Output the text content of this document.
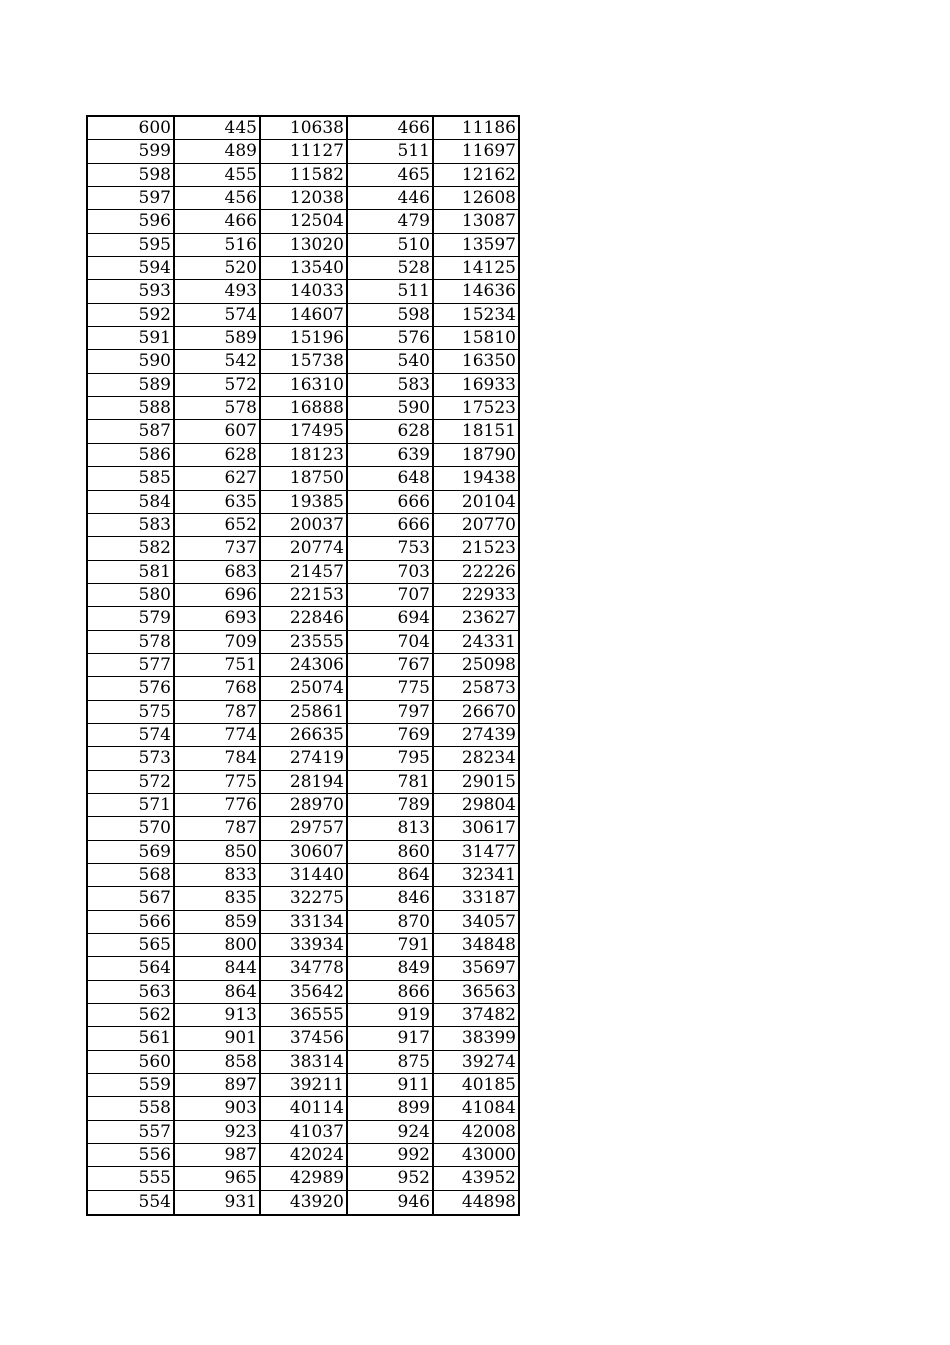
600	445	10638	466	11186
599	489	11127	511	11697
598	455	11582	465	12162
597	456	12038	446	12608
596	466	12504	479	13087
595	516	13020	510	13597
594	520	13540	528	14125
593	493	14033	511	14636
592	574	14607	598	15234
591	589	15196	576	15810
590	542	15738	540	16350
589	572	16310	583	16933
588	578	16888	590	17523
587	607	17495	628	18151
586	628	18123	639	18790
585	627	18750	648	19438
584	635	19385	666	20104
583	652	20037	666	20770
582	737	20774	753	21523
581	683	21457	703	22226
580	696	22153	707	22933
579	693	22846	694	23627
578	709	23555	704	24331
577	751	24306	767	25098
576	768	25074	775	25873
575	787	25861	797	26670
574	774	26635	769	27439
573	784	27419	795	28234
572	775	28194	781	29015
571	776	28970	789	29804
570	787	29757	813	30617
569	850	30607	860	31477
568	833	31440	864	32341
567	835	32275	846	33187
566	859	33134	870	34057
565	800	33934	791	34848
564	844	34778	849	35697
563	864	35642	866	36563
562	913	36555	919	37482
561	901	37456	917	38399
560	858	38314	875	39274
559	897	39211	911	40185
558	903	40114	899	41084
557	923	41037	924	42008
556	987	42024	992	43000
555	965	42989	952	43952
554	931	43920	946	44898
